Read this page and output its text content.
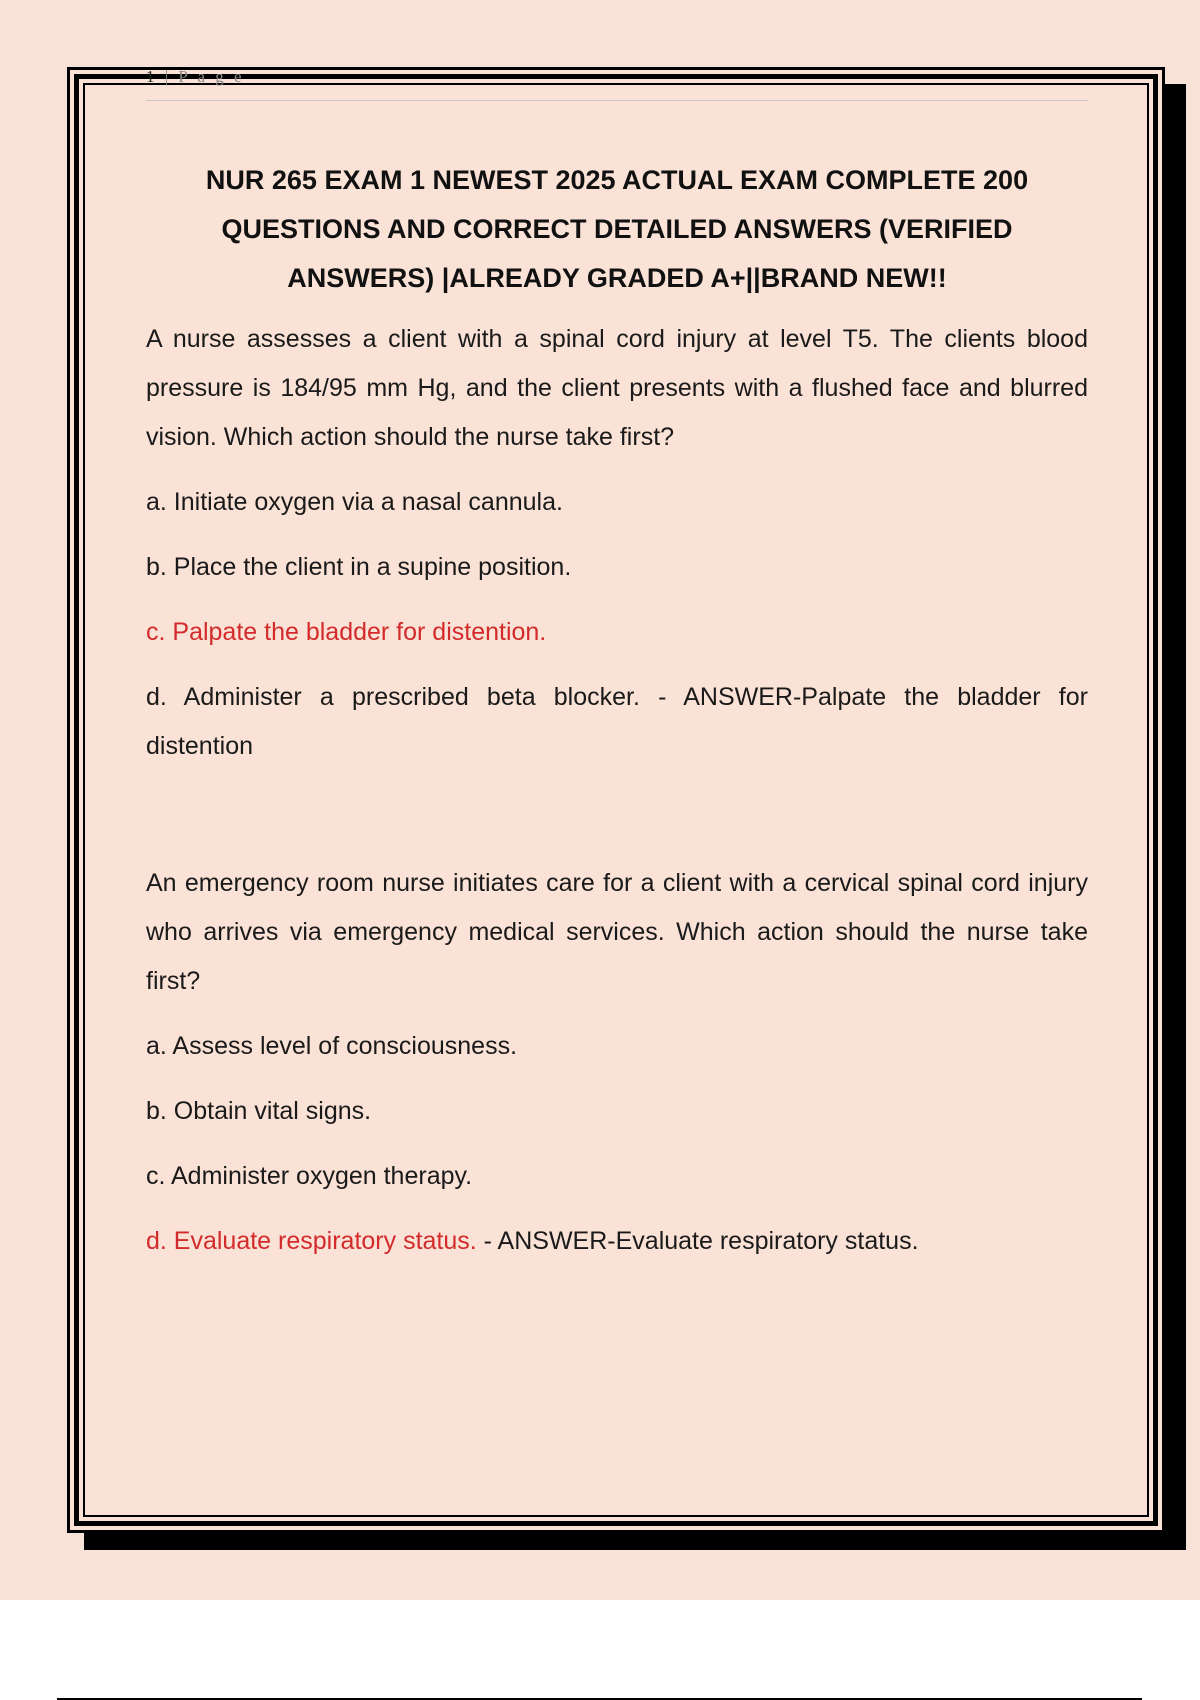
1 | P a g e
NUR 265 EXAM 1 NEWEST 2025 ACTUAL EXAM COMPLETE 200 QUESTIONS AND CORRECT DETAILED ANSWERS (VERIFIED ANSWERS) |ALREADY GRADED A+||BRAND NEW!!

A nurse assesses a client with a spinal cord injury at level T5. The clients blood pressure is 184/95 mm Hg, and the client presents with a flushed face and blurred vision. Which action should the nurse take first?

a. Initiate oxygen via a nasal cannula.

b. Place the client in a supine position.

c. Palpate the bladder for distention.

d. Administer a prescribed beta blocker. - ANSWER-Palpate the bladder for distention

An emergency room nurse initiates care for a client with a cervical spinal cord injury who arrives via emergency medical services. Which action should the nurse take first?

a. Assess level of consciousness.

b. Obtain vital signs.

c. Administer oxygen therapy.

d. Evaluate respiratory status. - ANSWER-Evaluate respiratory status.
